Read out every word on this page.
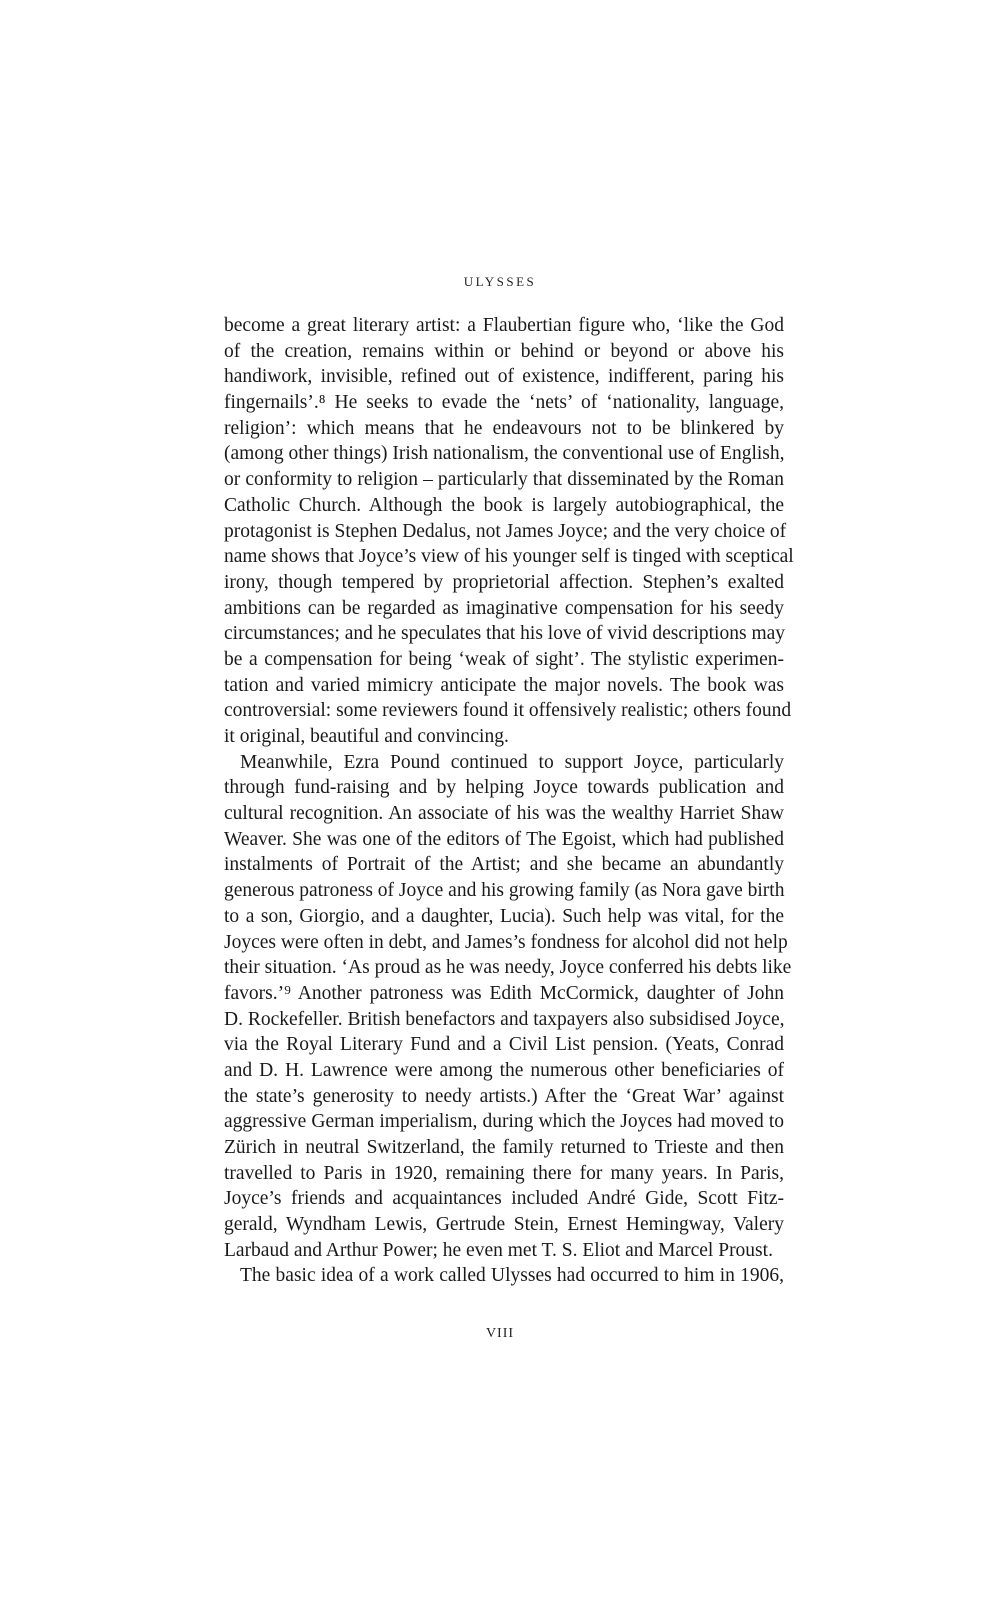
ULYSSES
become a great literary artist: a Flaubertian figure who, ‘like the God
of the creation, remains within or behind or beyond or above his
handiwork, invisible, refined out of existence, indifferent, paring his
fingernails’.⁸ He seeks to evade the ‘nets’ of ‘nationality, language,
religion’: which means that he endeavours not to be blinkered by
(among other things) Irish nationalism, the conventional use of English,
or conformity to religion – particularly that disseminated by the Roman
Catholic Church. Although the book is largely autobiographical, the
protagonist is Stephen Dedalus, not James Joyce; and the very choice of
name shows that Joyce’s view of his younger self is tinged with sceptical
irony, though tempered by proprietorial affection. Stephen’s exalted
ambitions can be regarded as imaginative compensation for his seedy
circumstances; and he speculates that his love of vivid descriptions may
be a compensation for being ‘weak of sight’. The stylistic experimen-
tation and varied mimicry anticipate the major novels. The book was
controversial: some reviewers found it offensively realistic; others found
it original, beautiful and convincing.
Meanwhile, Ezra Pound continued to support Joyce, particularly
through fund-raising and by helping Joyce towards publication and
cultural recognition. An associate of his was the wealthy Harriet Shaw
Weaver. She was one of the editors of The Egoist, which had published
instalments of Portrait of the Artist; and she became an abundantly
generous patroness of Joyce and his growing family (as Nora gave birth
to a son, Giorgio, and a daughter, Lucia). Such help was vital, for the
Joyces were often in debt, and James’s fondness for alcohol did not help
their situation. ‘As proud as he was needy, Joyce conferred his debts like
favors.’⁹ Another patroness was Edith McCormick, daughter of John
D. Rockefeller. British benefactors and taxpayers also subsidised Joyce,
via the Royal Literary Fund and a Civil List pension. (Yeats, Conrad
and D. H. Lawrence were among the numerous other beneficiaries of
the state’s generosity to needy artists.) After the ‘Great War’ against
aggressive German imperialism, during which the Joyces had moved to
Zürich in neutral Switzerland, the family returned to Trieste and then
travelled to Paris in 1920, remaining there for many years. In Paris,
Joyce’s friends and acquaintances included André Gide, Scott Fitz-
gerald, Wyndham Lewis, Gertrude Stein, Ernest Hemingway, Valery
Larbaud and Arthur Power; he even met T. S. Eliot and Marcel Proust.
The basic idea of a work called Ulysses had occurred to him in 1906,
VIII
